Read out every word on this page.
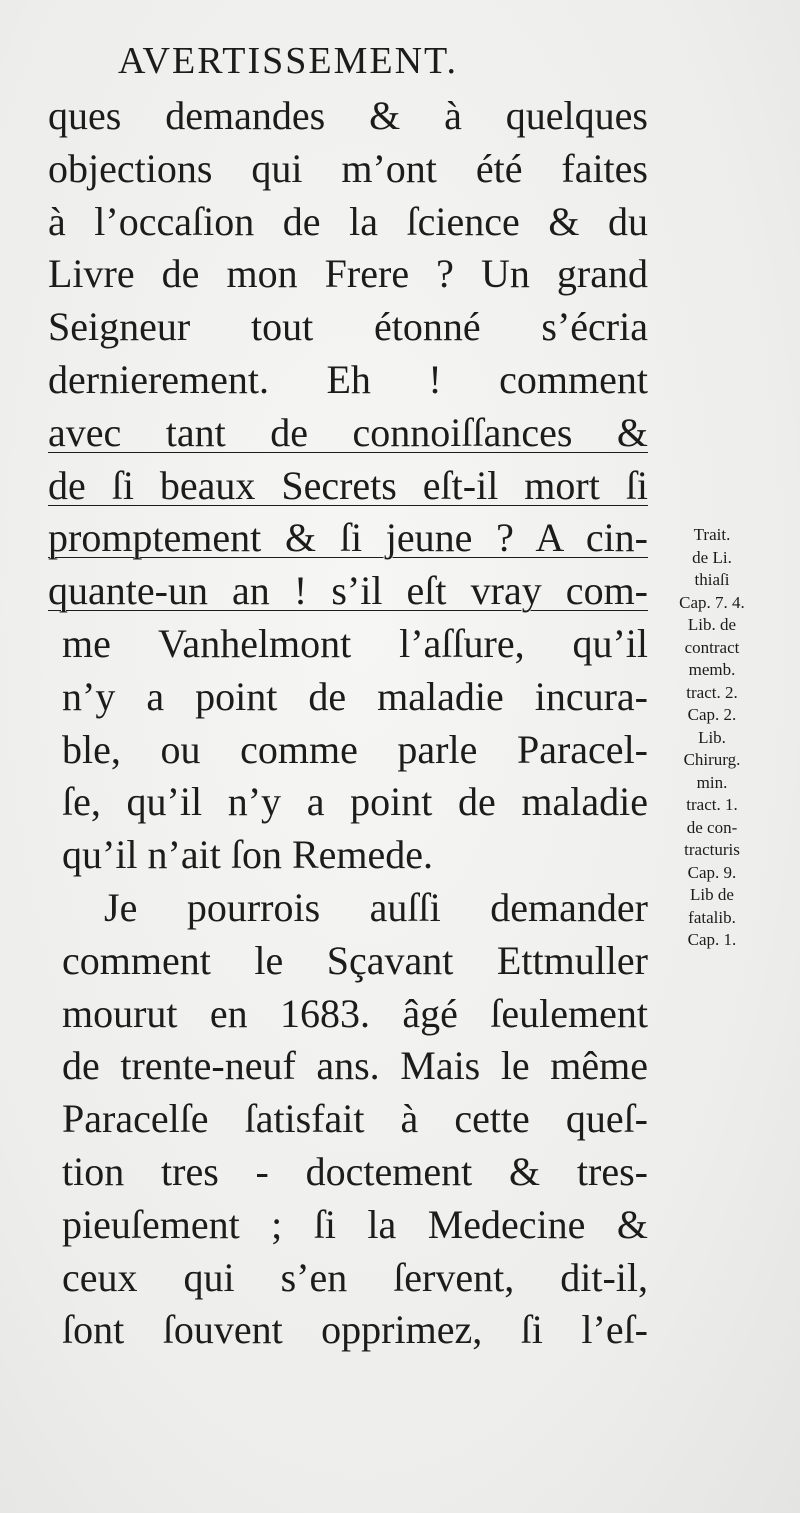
AVERTISSEMENT.
ques demandes & à quelques
objections qui m’ont été faites
à l’occaſion de la ſcience & du
Livre de mon Frere ? Un grand
Seigneur tout étonné s’écria
dernierement. Eh ! comment
avec tant de connoiſſances &
de ſi beaux Secrets eſt-il mort ſi
promptement & ſi jeune ? A cin-
quante-un an ! s’il eſt vray com-
me Vanhelmont l’aſſure, qu’il
n’y a point de maladie incura-
ble, ou comme parle Paracel-
ſe, qu’il n’y a point de maladie
qu’il n’ait ſon Remede.
Je pourrois auſſi demander
comment le Sçavant Ettmuller
mourut en 1683. âgé ſeulement
de trente-neuf ans. Mais le même
Paracelſe ſatisfait à cette queſ-
tion tres - doctement & tres-
pieuſement ; ſi la Medecine &
ceux qui s’en ſervent, dit-il,
ſont ſouvent opprimez, ſi l’eſ-
Trait.
de Li.
thiaſi
Cap. 7. 4.
Lib. de
contract
memb.
tract. 2.
Cap. 2.
Lib.
Chirurg.
min.
tract. 1.
de con-
tracturis
Cap. 9.
Lib de
fatalib.
Cap. 1.
